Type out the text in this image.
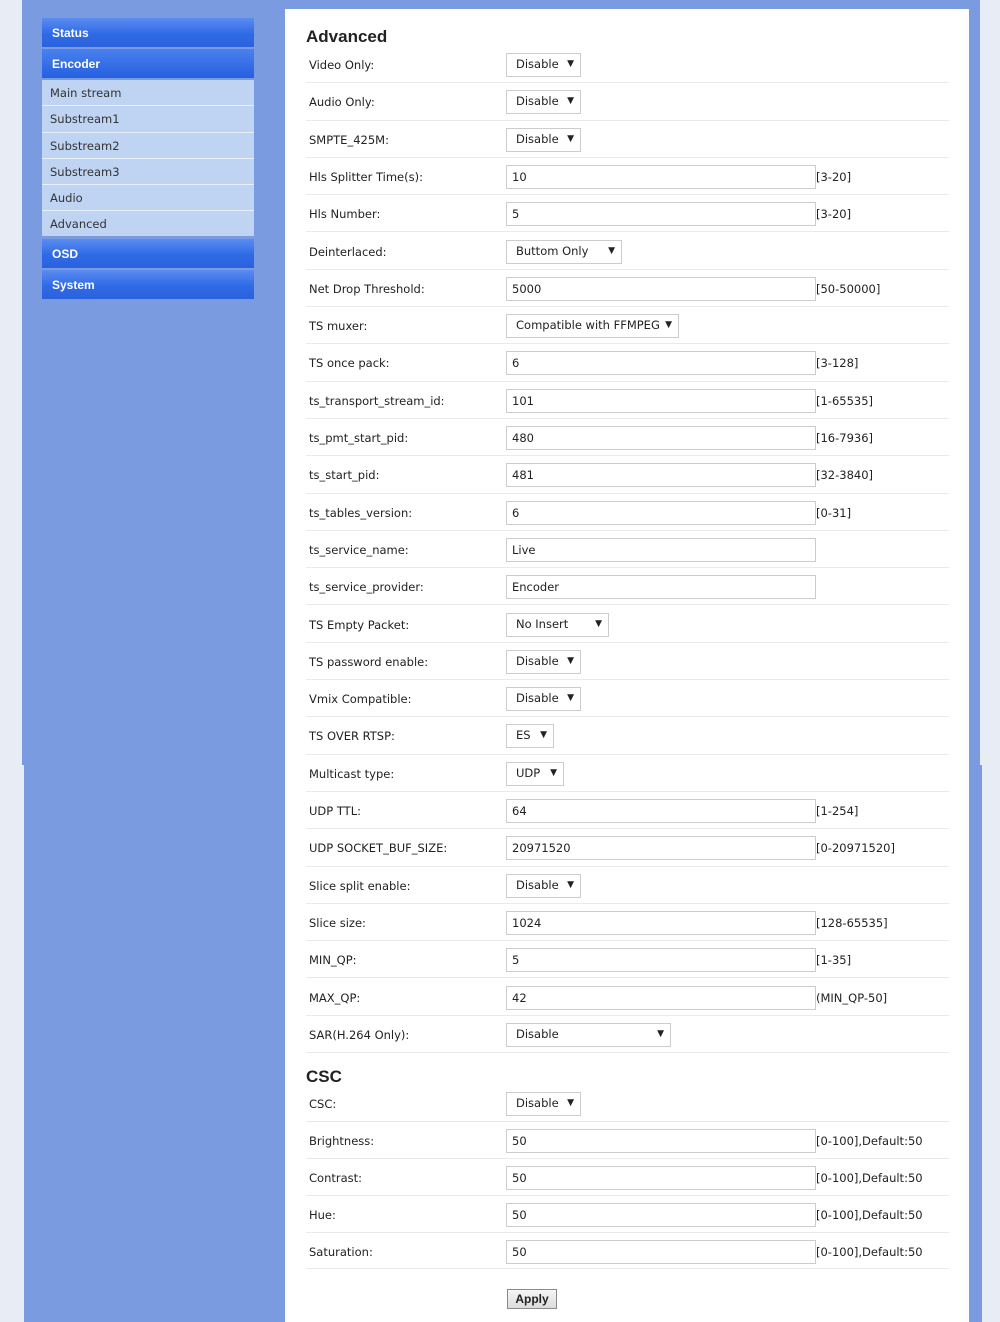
Status
Encoder
Main stream
Substream1
Substream2
Substream3
Audio
Advanced
OSD
System
Advanced
Video Only:	Disable ▼
Audio Only:	Disable ▼
SMPTE_425M:	Disable ▼
Hls Splitter Time(s):	10	[3-20]
Hls Number:	5	[3-20]
Deinterlaced:	Buttom Only ▼
Net Drop Threshold:	5000	[50-50000]
TS muxer:	Compatible with FFMPEG ▼
TS once pack:	6	[3-128]
ts_transport_stream_id:	101	[1-65535]
ts_pmt_start_pid:	480	[16-7936]
ts_start_pid:	481	[32-3840]
ts_tables_version:	6	[0-31]
ts_service_name:	Live
ts_service_provider:	Encoder
TS Empty Packet:	No Insert	▼
TS password enable:	Disable ▼
Vmix Compatible:	Disable ▼
TS OVER RTSP:	ES ▼
Multicast type:	UDP ▼
UDP TTL:	64	[1-254]
UDP SOCKET_BUF_SIZE:	20971520	[0-20971520]
Slice split enable:	Disable ▼
Slice size:	1024	[128-65535]
MIN_QP:	5	[1-35]
MAX_QP:	42	(MIN_QP-50]
SAR(H.264 Only):	Disable	▼
CSC
CSC:	Disable ▼
Brightness:	50	[0-100],Default:50
Contrast:	50	[0-100],Default:50
Hue:	50	[0-100],Default:50
Saturation:	50	[0-100],Default:50
Apply
